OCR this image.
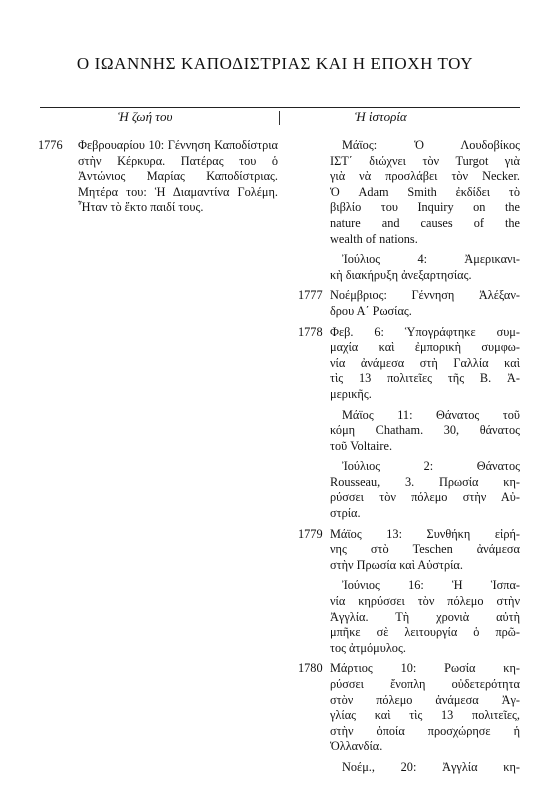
Ο ΙΩΑΝΝΗΣ ΚΑΠΟΔΙΣΤΡΙΑΣ ΚΑΙ Η ΕΠΟΧΗ ΤΟΥ
Ἡ ζωή του	Ἡ ἱστορία
1776	Φεβρουαρίου 10: Γέννηση Καποδίστρια στὴν Κέρκυρα. Πατέρας του ὁ Ἀντώνιος Μαρίας Καποδίστριας. Μητέρα του: Ἡ Διαμαντίνα Γολέμη. Ἦταν τὸ ἕκτο παιδί τους.
Μάϊος: Ὁ Λουδοβίκος
ΙΣΤ΄ διώχνει τὸν Turgot γιὰ
γιὰ νὰ προσλάβει τὸν Necker.
Ὁ Adam Smith ἐκδίδει τὸ
βιβλίο του Inquiry on the
nature and causes of the
wealth of nations.
Ἰούλιος 4: Ἀμερικανι-
κὴ διακήρυξη ἀνεξαρτησίας.
1777 Νοέμβριος: Γέννηση Ἀλέξαν-
δρου Α΄ Ρωσίας.
1778 Φεβ. 6: Ὑπογράφτηκε συμ-
μαχία καὶ ἐμπορικὴ συμφω-
νία ἀνάμεσα στὴ Γαλλία καὶ
τὶς 13 πολιτεῖες τῆς Β. Ἀ-
μερικῆς.
Μάϊος 11: Θάνατος τοῦ
κόμη Chatham. 30, θάνατος
τοῦ Voltaire.
Ἰούλιος 2: Θάνατος
Rousseau, 3. Πρωσία κη-
ρύσσει τὸν πόλεμο στὴν Αὐ-
στρία.
1779 Μάϊος 13: Συνθήκη εἰρή-
νης στὸ Teschen ἀνάμεσα
στὴν Πρωσία καὶ Αὐστρία.
Ἰούνιος 16: Ἡ Ἱσπα-
νία κηρύσσει τὸν πόλεμο στὴν
Ἀγγλία. Τὴ χρονιὰ αὐτὴ
μπῆκε σὲ λειτουργία ὁ πρῶ-
τος ἀτμόμυλος.
1780 Μάρτιος 10: Ρωσία κη-
ρύσσει ἔνοπλη οὐδετερότητα
στὸν πόλεμο ἀνάμεσα Ἀγ-
γλίας καὶ τὶς 13 πολιτεῖες,
στὴν ὁποία προσχώρησε ἡ
Ὁλλανδία.
Νοέμ., 20: Ἀγγλία κη-
